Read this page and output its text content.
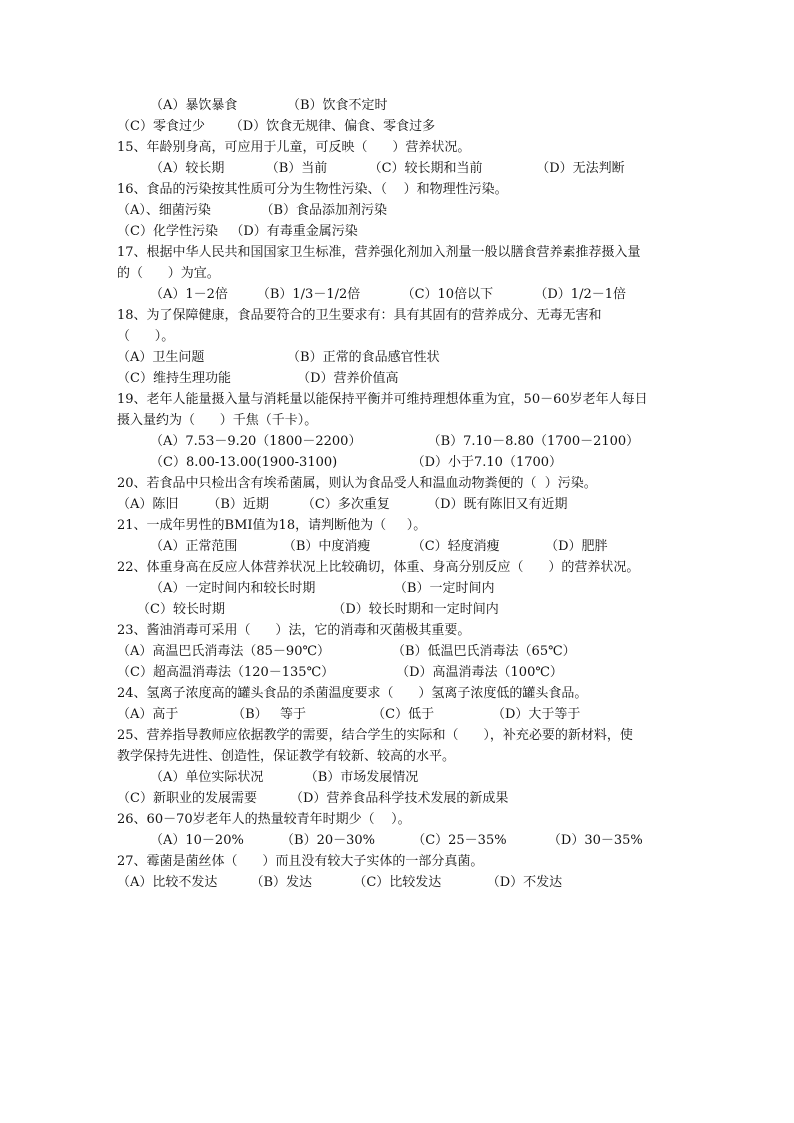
（A）暴饮暴食            （B）饮食不定时
（C）零食过少      （D）饮食无规律、偏食、零食过多
15、年龄别身高，可应用于儿童，可反映（      ）营养状况。
（A）较长期          （B）当前          （C）较长期和当前             （D）无法判断
16、食品的污染按其性质可分为生物性污染、（    ）和物理性污染。
（A）、细菌污染            （B）食品添加剂污染
（C）化学性污染   （D）有毒重金属污染
17、根据中华人民共和国国家卫生标准，营养强化剂加入剂量一般以膳食营养素推荐摄入量
的（      ）为宜。
（A）1－2倍       （B）1/3－1/2倍          （C）10倍以下          （D）1/2－1倍
18、为了保障健康，食品要符合的卫生要求有：具有其固有的营养成分、无毒无害和
（      ）。
（A）卫生问题                    （B）正常的食品感官性状
（C）维持生理功能                （D）营养价值高
19、老年人能量摄入量与消耗量以能保持平衡并可维持理想体重为宜，50－60岁老年人每日
摄入量约为（      ）千焦（千卡）。
（A）7.53－9.20（1800－2200）                （B）7.10－8.80（1700－2100）
（C）8.00-13.00(1900-3100)                  （D）小于7.10（1700）
20、若食品中只检出含有埃希菌属，则认为食品受人和温血动物粪便的（  ）污染。
（A）陈旧       （B）近期        （C）多次重复         （D）既有陈旧又有近期
21、一成年男性的BMI值为18，请判断他为（     ）。
（A）正常范围           （B）中度消瘦          （C）轻度消瘦           （D）肥胖
22、体重身高在反应人体营养状况上比较确切，体重、身高分别反应（      ）的营养状况。
（A）一定时间内和较长时期                   （B）一定时间内
（C）较长时期                          （D）较长时期和一定时间内
23、酱油消毒可采用（      ）法，它的消毒和灭菌极其重要。
（A）高温巴氏消毒法（85－90℃）               （B）低温巴氏消毒法（65℃）
（C）超高温消毒法（120－135℃）               （D）高温消毒法（100℃）
24、氢离子浓度高的罐头食品的杀菌温度要求（      ）氢离子浓度低的罐头食品。
（A）高于             （B）   等于                （C）低于              （D）大于等于
25、营养指导教师应依据教学的需要，结合学生的实际和（      ），补充必要的新材料，使
教学保持先进性、创造性，保证教学有较新、较高的水平。
（A）单位实际状况          （B）市场发展情况
（C）新职业的发展需要        （D）营养食品科学技术发展的新成果
26、60－70岁老年人的热量较青年时期少（    ）。
（A）10－20%         （B）20－30%         （C）25－35%          （D）30－35%
27、霉菌是菌丝体（      ）而且没有较大子实体的一部分真菌。
（A）比较不发达        （B）发达          （C）比较发达           （D）不发达
